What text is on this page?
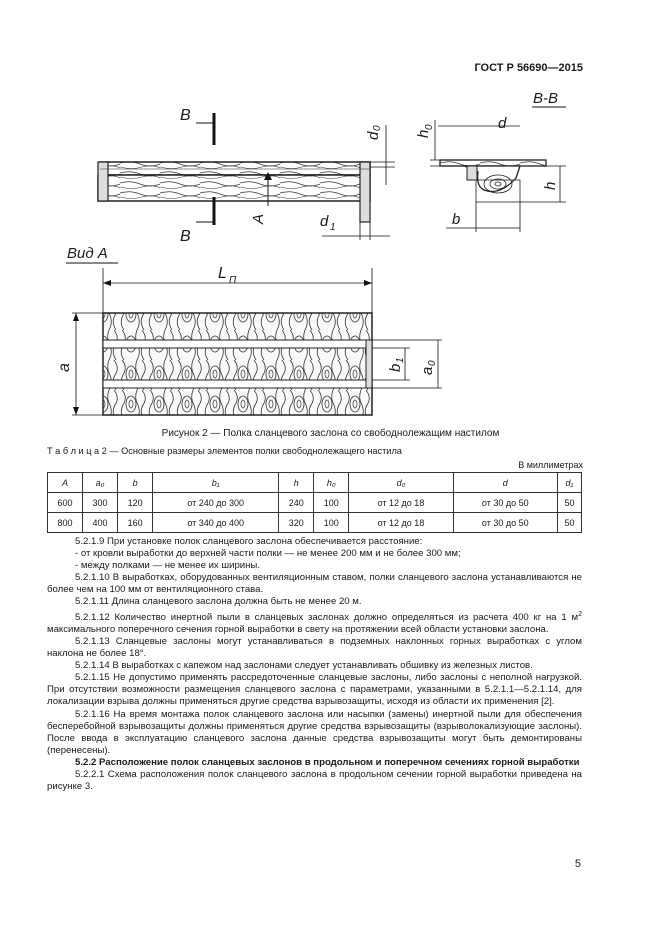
ГОСТ Р 56690—2015
B
B
A
d
0
d 1
B-B
h
0	d
h
b
Вид А
L П
a	b
1
a
0
Рисунок 2 — Полка сланцевого заслона со свободнолежащим настилом
Т а б л и ц а 2 — Основные размеры элементов полки свободнолежащего настила
В миллиметрах
A	a₀	b	b₁	h	h₀	d₀	d	d₁
600	300	120	от 240 до 300	240	100	от 12 до 18	от 30 до 50	50
800	400	160	от 340 до 400	320	100	от 12 до 18	от 30 до 50	50

5.2.1.9 При установке полок сланцевого заслона обеспечивается расстояние:

- от кровли выработки до верхней части полки — не менее 200 мм и не более 300 мм;

- между полками — не менее их ширины.

5.2.1.10 В выработках, оборудованных вентиляционным ставом, полки сланцевого заслона устанавливаются не более чем на 100 мм от вентиляционного става.

5.2.1.11 Длина сланцевого заслона должна быть не менее 20 м.

5.2.1.12 Количество инертной пыли в сланцевых заслонах должно определяться из расчета 400 кг на 1 $м^2$ максимального поперечного сечения горной выработки в свету на протяжении всей области установки заслона.

5.2.1.13 Сланцевые заслоны могут устанавливаться в подземных наклонных горных выработках с углом наклона не более 18°.

5.2.1.14 В выработках с капежом над заслонами следует устанавливать обшивку из железных листов.

5.2.1.15 Не допустимо применять рассредоточенные сланцевые заслоны, либо заслоны с неполной нагрузкой. При отсутствии возможности размещения сланцевого заслона с параметрами, указанными в 5.2.1.1—5.2.1.14, для локализации взрыва должны применяться другие средства взрывозащиты, исходя из области их применения [2].

5.2.1.16 На время монтажа полок сланцевого заслона или насыпки (замены) инертной пыли для обеспечения бесперебойной взрывозащиты должны применяться другие средства взрывозащиты (взрыволокализующие заслоны). После ввода в эксплуатацию сланцевого заслона данные средства взрывозащиты могут быть демонтированы (перенесены).

5.2.2 Расположение полок сланцевых заслонов в продольном и поперечном сечениях горной выработки

5.2.2.1 Схема расположения полок сланцевого заслона в продольном сечении горной выработки приведена на рисунке 3.

5
